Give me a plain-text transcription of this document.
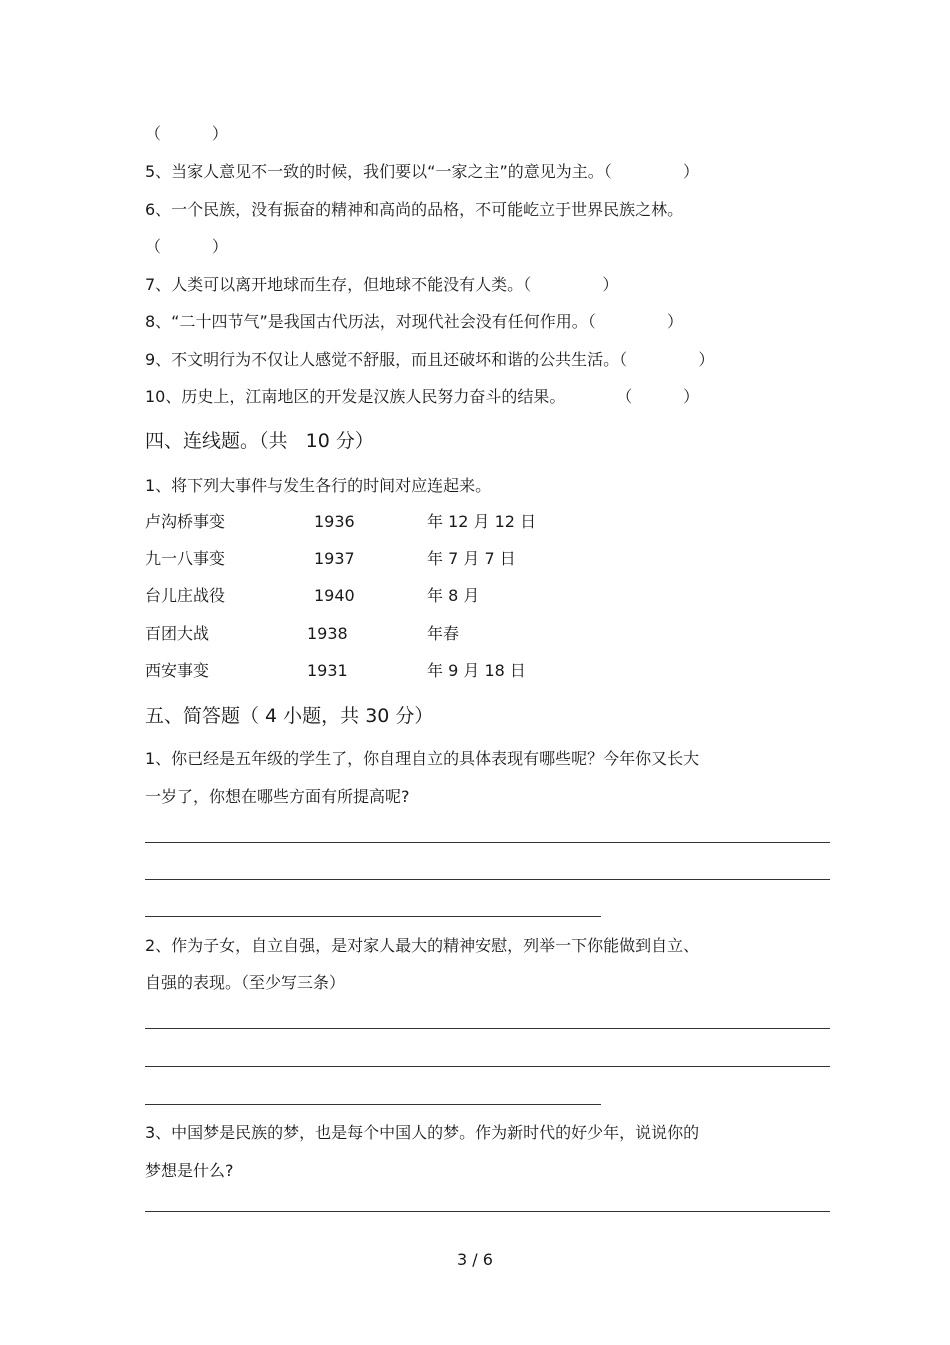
（          ）
5、当家人意见不一致的时候，我们要以“一家之主”的意见为主。（              ）
6、一个民族，没有振奋的精神和高尚的品格，不可能屹立于世界民族之林。
（          ）
7、人类可以离开地球而生存，但地球不能没有人类。（              ）
8、“二十四节气”是我国古代历法，对现代社会没有任何作用。（              ）
9、不文明行为不仅让人感觉不舒服，而且还破坏和谐的公共生活。（              ）
10、历史上，江南地区的开发是汉族人民努力奋斗的结果。          （          ）
四、连线题。（共   10 分）
1、将下列大事件与发生各行的时间对应连起来。
卢沟桥事变	1936	年 12 月 12 日
九一八事变	1937	年 7 月 7 日
台儿庄战役	1940	年 8 月
百团大战	1938	年春
西安事变	1931	年 9 月 18 日
五、简答题（ 4 小题，共 30 分）
1、你已经是五年级的学生了，你自理自立的具体表现有哪些呢？今年你又长大
一岁了，你想在哪些方面有所提高呢?
2、作为子女，自立自强，是对家人最大的精神安慰，列举一下你能做到自立、
自强的表现。（至少写三条）
3、中国梦是民族的梦，也是每个中国人的梦。作为新时代的好少年，说说你的
梦想是什么?
3 / 6
